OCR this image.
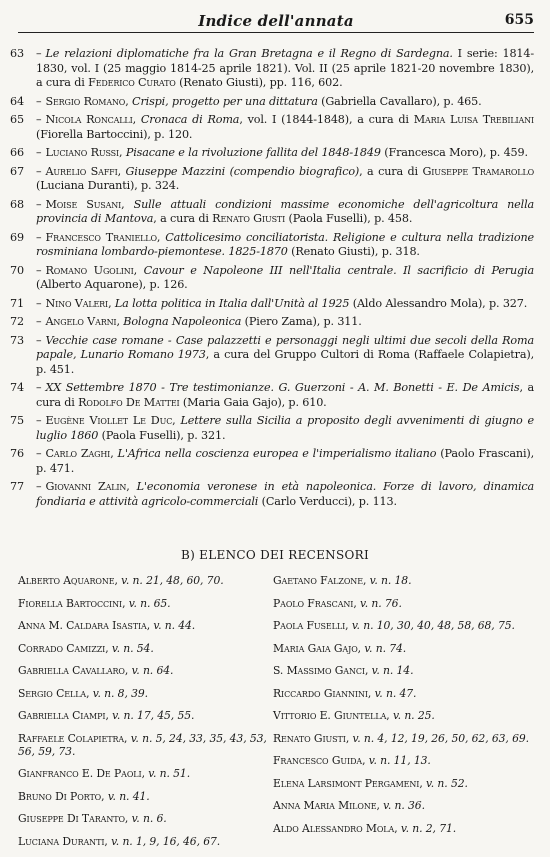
Indice dell'annata	655
63	– Le relazioni diplomatiche fra la Gran Bretagna e il Regno di Sardegna. I serie: 1814-1830, vol. I (25 maggio 1814-25 aprile 1821). Vol. II (25 aprile 1821-20 novembre 1830), a cura di Federico Curato (Renato Giusti), pp. 116, 602.
64	– Sergio Romano, Crispi, progetto per una dittatura (Gabriella Cavallaro), p. 465.
65	– Nicola Roncalli, Cronaca di Roma, vol. I (1844-1848), a cura di Maria Luisa Trebiliani (Fiorella Bartoccini), p. 120.
66	– Luciano Russi, Pisacane e la rivoluzione fallita del 1848-1849 (Francesca Moro), p. 459.
67	– Aurelio Saffi, Giuseppe Mazzini (compendio biografico), a cura di Giuseppe Tramarollo (Luciana Duranti), p. 324.
68	– Moise Susani, Sulle attuali condizioni massime economiche dell'agricoltura nella provincia di Mantova, a cura di Renato Giusti (Paola Fuselli), p. 458.
69	– Francesco Traniello, Cattolicesimo conciliatorista. Religione e cultura nella tradizione rosminiana lombardo-piemontese. 1825-1870 (Renato Giusti), p. 318.
70	– Romano Ugolini, Cavour e Napoleone III nell'Italia centrale. Il sacrificio di Perugia (Alberto Aquarone), p. 126.
71	– Nino Valeri, La lotta politica in Italia dall'Unità al 1925 (Aldo Alessandro Mola), p. 327.
72	– Angelo Varni, Bologna Napoleonica (Piero Zama), p. 311.
73	– Vecchie case romane - Case palazzetti e personaggi negli ultimi due secoli della Roma papale, Lunario Romano 1973, a cura del Gruppo Cultori di Roma (Raffaele Colapietra), p. 451.
74	– XX Settembre 1870 - Tre testimonianze. G. Guerzoni - A. M. Bonetti - E. De Amicis, a cura di Rodolfo De Mattei (Maria Gaia Gajo), p. 610.
75	– Eugène Viollet Le Duc, Lettere sulla Sicilia a proposito degli avvenimenti di giugno e luglio 1860 (Paola Fuselli), p. 321.
76	– Carlo Zaghi, L'Africa nella coscienza europea e l'imperialismo italiano (Paolo Frascani), p. 471.
77	– Giovanni Zalin, L'economia veronese in età napoleonica. Forze di lavoro, dinamica fondiaria e attività agricolo-commerciali (Carlo Verducci), p. 113.
B) ELENCO DEI RECENSORI
Alberto Aquarone, v. n. 21, 48, 60, 70.
Fiorella Bartoccini, v. n. 65.
Anna M. Caldara Isastia, v. n. 44.
Corrado Camizzi, v. n. 54.
Gabriella Cavallaro, v. n. 64.
Sergio Cella, v. n. 8, 39.
Gabriella Ciampi, v. n. 17, 45, 55.
Raffaele Colapietra, v. n. 5, 24, 33, 35, 43, 53, 56, 59, 73.
Gianfranco E. De Paoli, v. n. 51.
Bruno Di Porto, v. n. 41.
Giuseppe Di Taranto, v. n. 6.
Luciana Duranti, v. n. 1, 9, 16, 46, 67.
Gaetano Falzone, v. n. 18.
Paolo Frascani, v. n. 76.
Paola Fuselli, v. n. 10, 30, 40, 48, 58, 68, 75.
Maria Gaia Gajo, v. n. 74.
S. Massimo Ganci, v. n. 14.
Riccardo Giannini, v. n. 47.
Vittorio E. Giuntella, v. n. 25.
Renato Giusti, v. n. 4, 12, 19, 26, 50, 62, 63, 69.
Francesco Guida, v. n. 11, 13.
Elena Larsimont Pergameni, v. n. 52.
Anna Maria Milone, v. n. 36.
Aldo Alessandro Mola, v. n. 2, 71.
